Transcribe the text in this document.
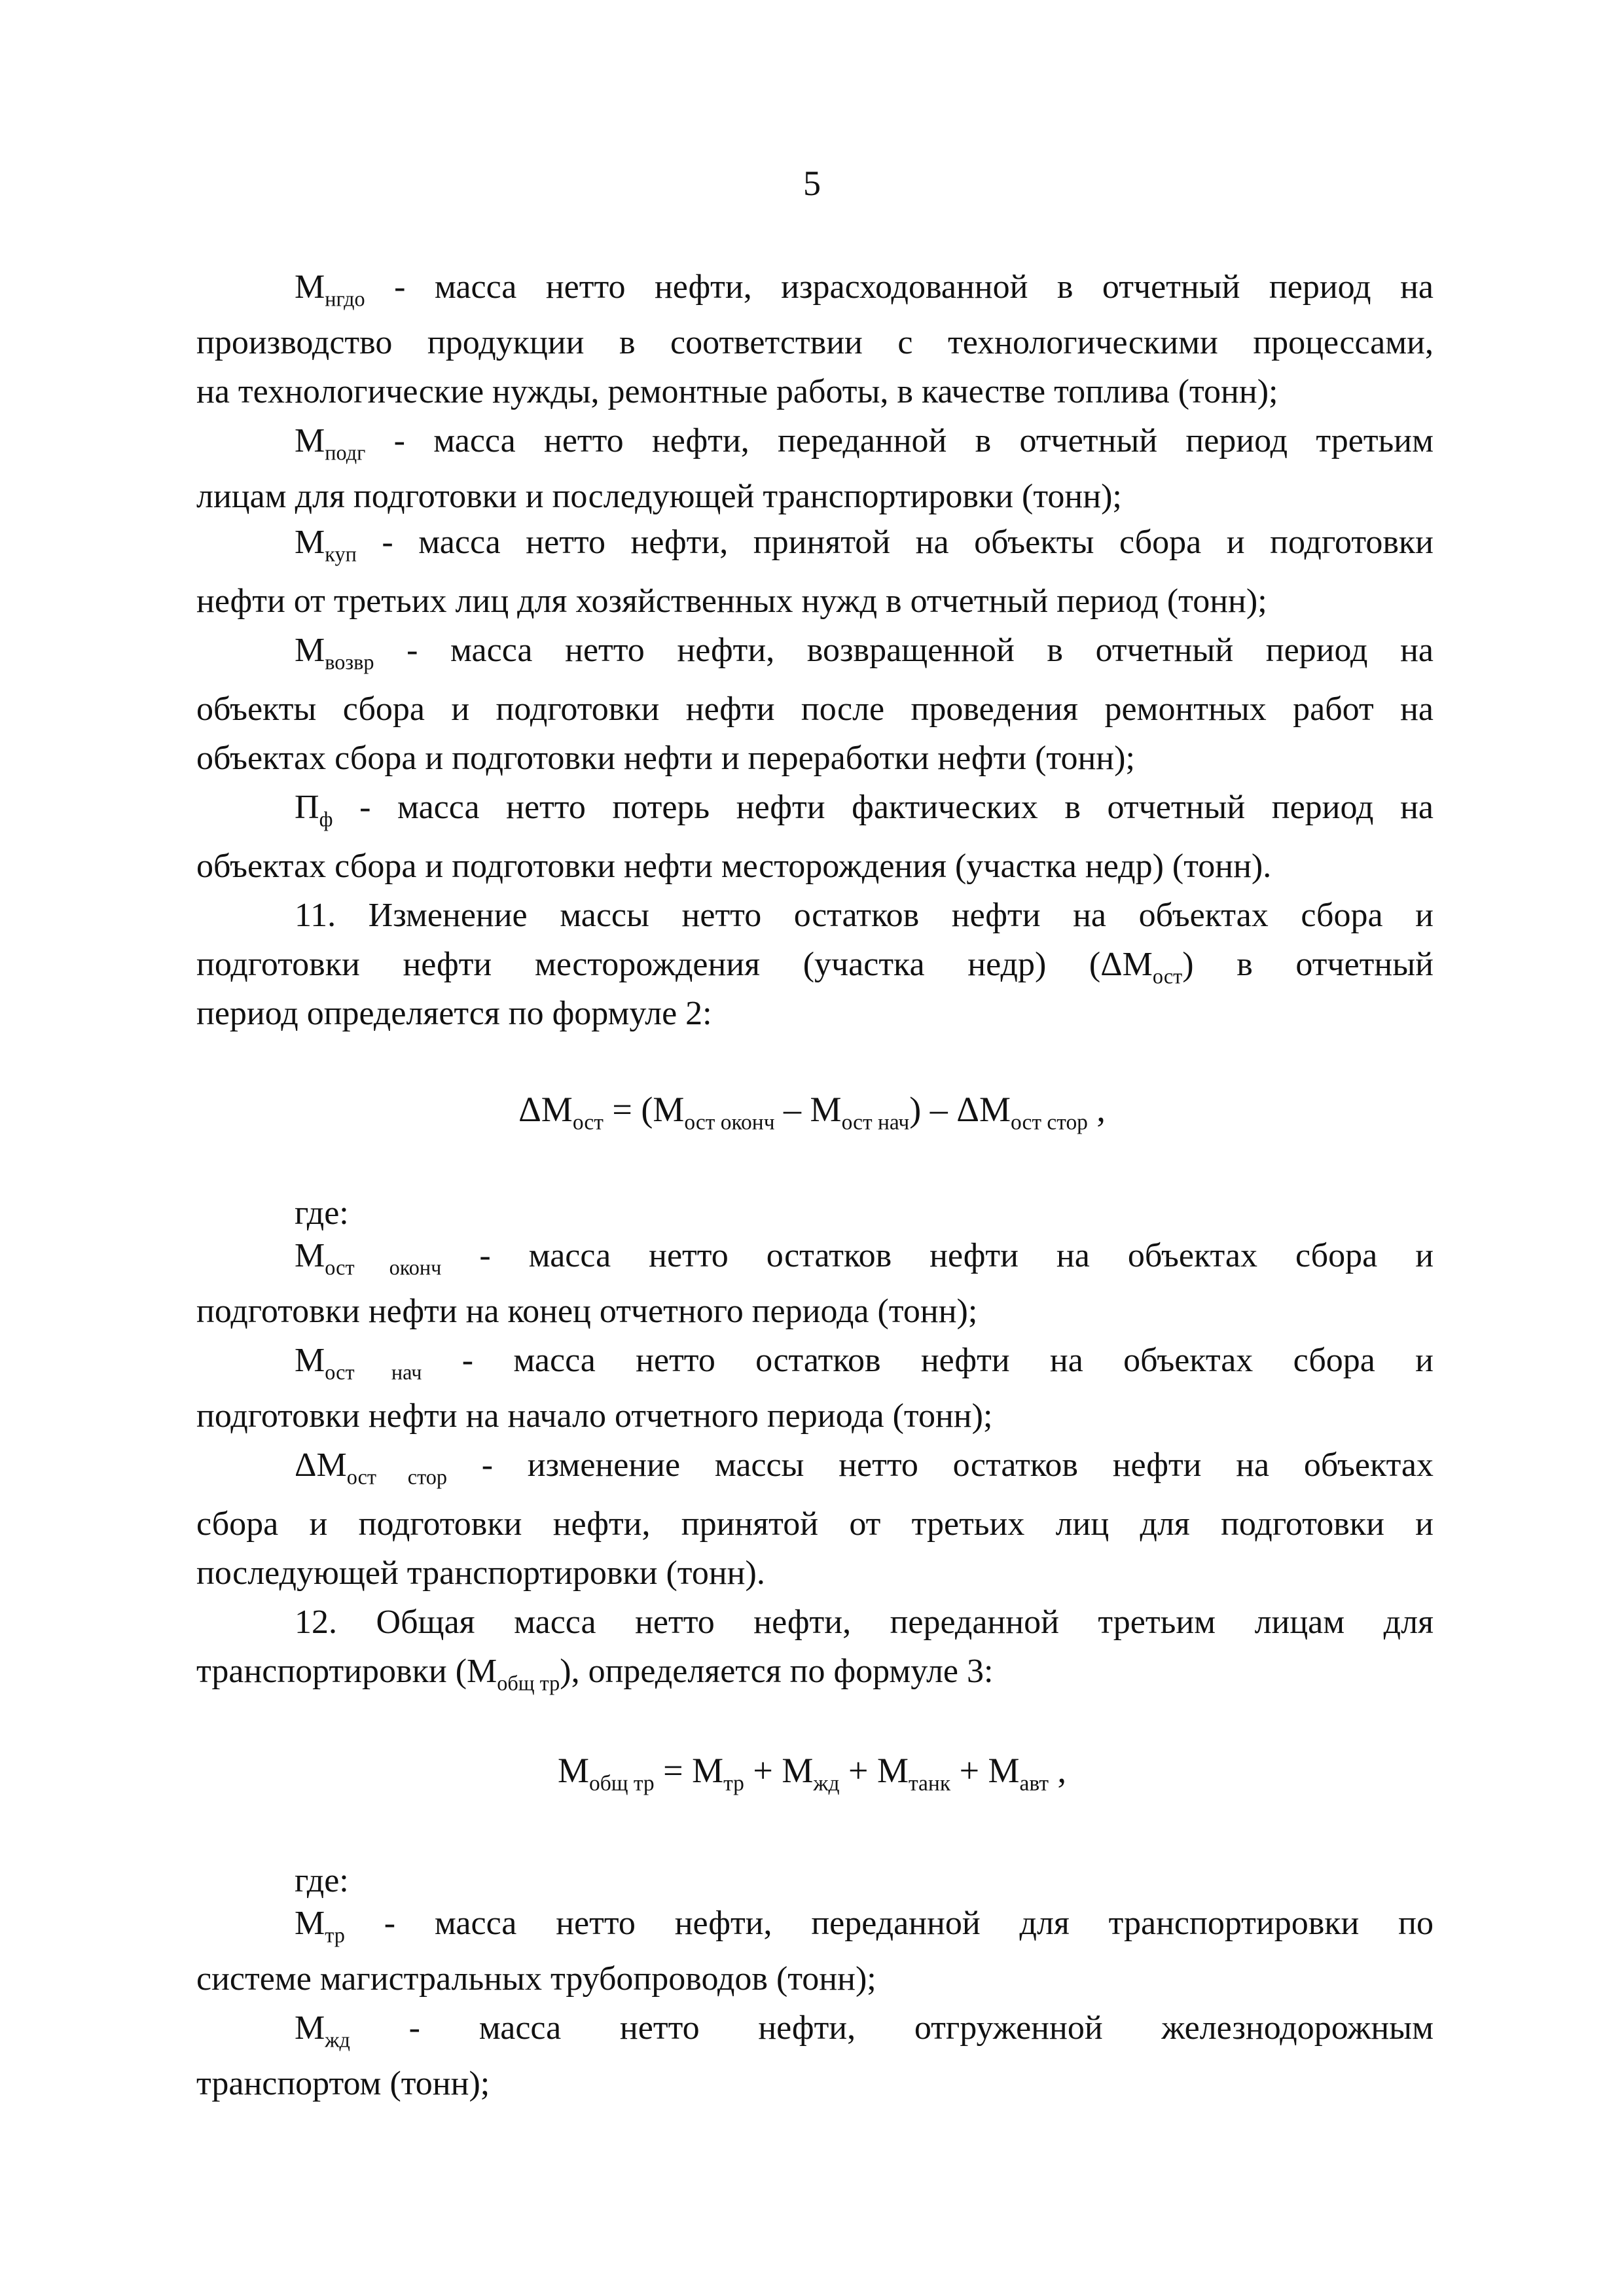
5
$М_{нгдо}$ - масса нетто нефти, израсходованной в отчетный период на
производство продукции в соответствии с технологическими процессами,
на технологические нужды, ремонтные работы, в качестве топлива (тонн);
$М_{подг}$ - масса нетто нефти, переданной в отчетный период третьим
лицам для подготовки и последующей транспортировки (тонн);
$М_{куп}$ - масса нетто нефти, принятой на объекты сбора и подготовки
нефти от третьих лиц для хозяйственных нужд в отчетный период (тонн);
$М_{возвр}$ - масса нетто нефти, возвращенной в отчетный период на
объекты сбора и подготовки нефти после проведения ремонтных работ на
объектах сбора и подготовки нефти и переработки нефти (тонн);
$П_ф$ - масса нетто потерь нефти фактических в отчетный период на
объектах сбора и подготовки нефти месторождения (участка недр) (тонн).
11. Изменение массы нетто остатков нефти на объектах сбора и
подготовки нефти месторождения (участка недр) $(\Delta М_{ост})$ в отчетный
период определяется по формуле 2:
$\Delta М_{ост} = (М_{ост оконч} - М_{ост нач}) - \Delta М_{ост стор}$ ,
где:
$М_{ост оконч}$ - масса нетто остатков нефти на объектах сбора и
подготовки нефти на конец отчетного периода (тонн);
$М_{ост нач}$ - масса нетто остатков нефти на объектах сбора и
подготовки нефти на начало отчетного периода (тонн);
$\Delta М_{ост стор}$ - изменение массы нетто остатков нефти на объектах
сбора и подготовки нефти, принятой от третьих лиц для подготовки и
последующей транспортировки (тонн).
12. Общая масса нетто нефти, переданной третьим лицам для
транспортировки $(М_{общ тр})$, определяется по формуле 3:
$М_{общ тр} = М_{тр} + М_{жд} + М_{танк} + М_{авт}$ ,
где:
$М_{тр}$ - масса нетто нефти, переданной для транспортировки по
системе магистральных трубопроводов (тонн);
$М_{жд}$ - масса нетто нефти, отгруженной железнодорожным
транспортом (тонн);
